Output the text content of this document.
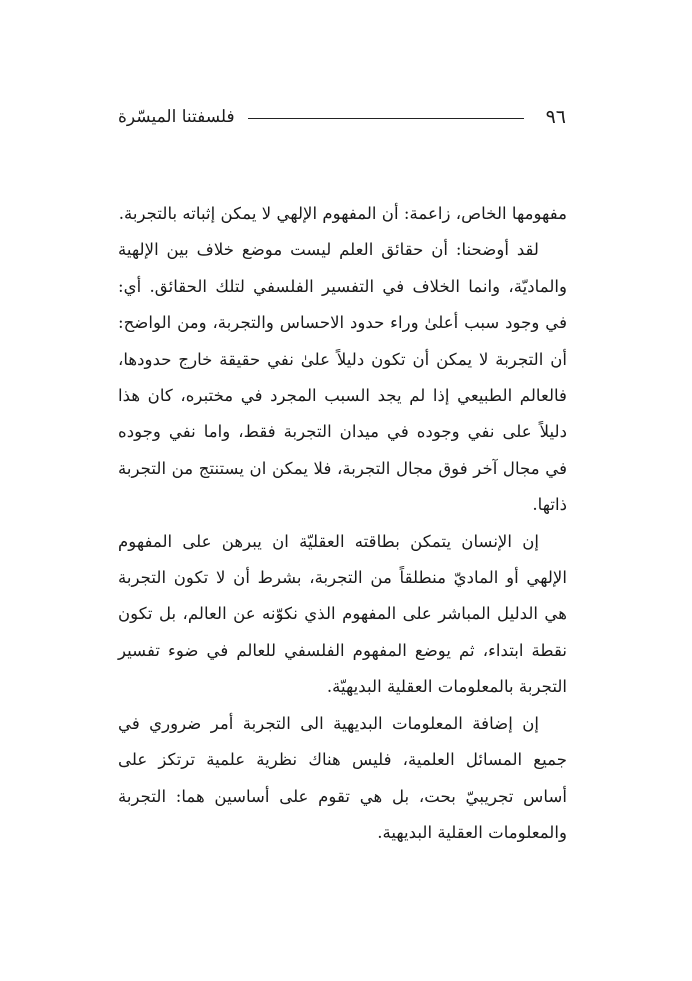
٩٦
فلسفتنا الميسّرة

مفهومها الخاص، زاعمة: أن المفهوم الإلهي لا يمكن إثباته بالتجربة.

لقد أوضحنا: أن حقائق العلم ليست موضع خلاف بين الإلهية والماديّة، وانما الخلاف في التفسير الفلسفي لتلك الحقائق. أي: في وجود سبب أعلىٰ وراء حدود الاحساس والتجربة، ومن الواضح: أن التجربة لا يمكن أن تكون دليلاً علىٰ نفي حقيقة خارج حدودها، فالعالم الطبيعي إذا لم يجد السبب المجرد في مختبره، كان هذا دليلاً على نفي وجوده في ميدان التجربة فقط، واما نفي وجوده في مجال آخر فوق مجال التجربة، فلا يمكن ان يستنتج من التجربة ذاتها.

إن الإنسان يتمكن بطاقته العقليّة ان يبرهن على المفهوم الإلهي أو الماديّ منطلقاً من التجربة، بشرط أن لا تكون التجربة هي الدليل المباشر على المفهوم الذي نكوّنه عن العالم، بل تكون نقطة ابتداء، ثم يوضع المفهوم الفلسفي للعالم في ضوء تفسير التجربة بالمعلومات العقلية البديهيّة.

إن إضافة المعلومات البديهية الى التجربة أمر ضروري في جميع المسائل العلمية، فليس هناك نظرية علمية ترتكز على أساس تجريبيّ بحت، بل هي تقوم على أساسين هما: التجربة والمعلومات العقلية البديهية.
